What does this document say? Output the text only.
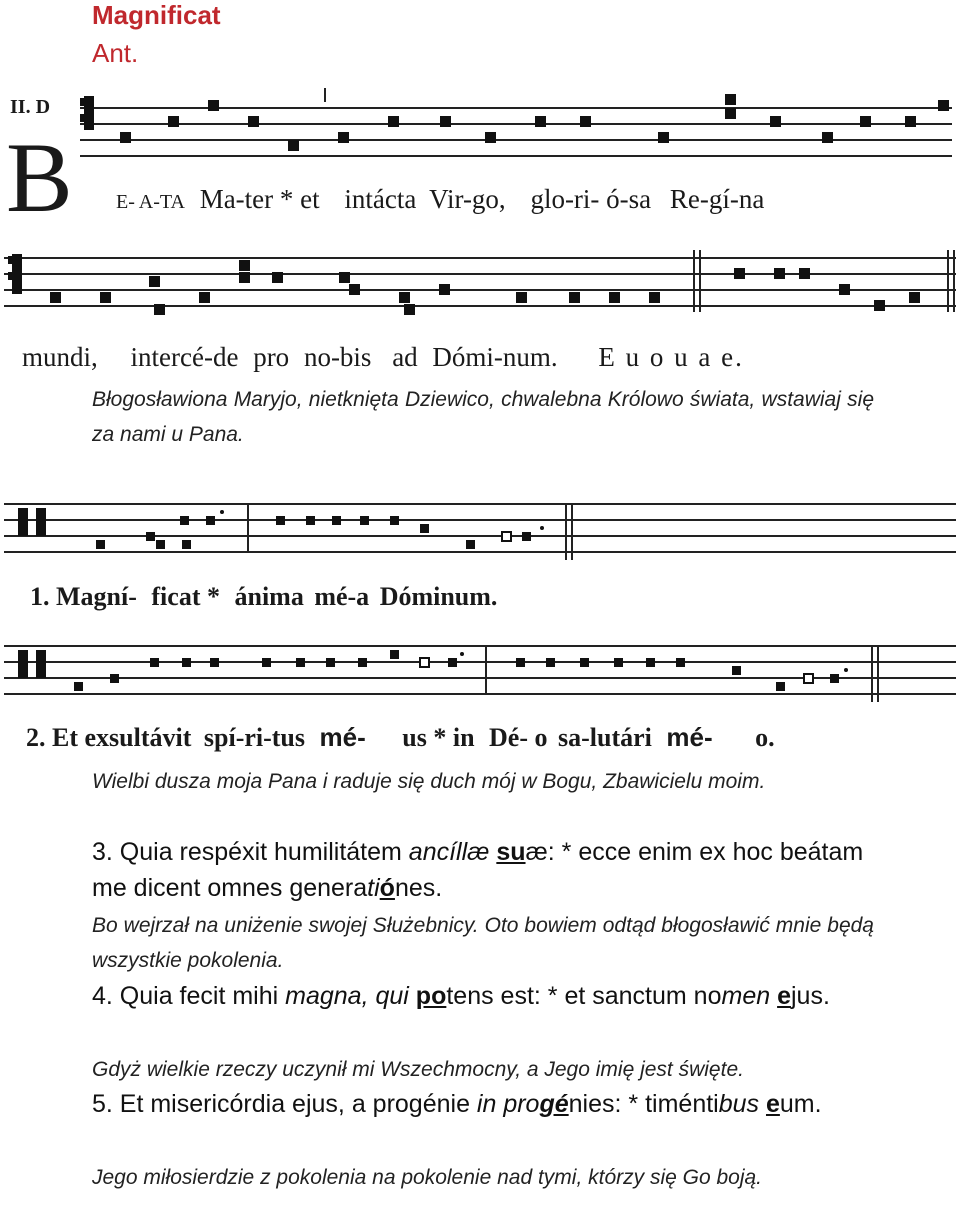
Magnificat
Ant.
II. D
B E- A-TA Ma-ter * et intácta Vir-go, glo-ri- ó-sa Re-gí-na
mundi, intercé-de pro no-bis ad Dómi-num. E u o u a e.
Błogosławiona Maryjo, nietknięta Dziewico, chwalebna Królowo świata, wstawiaj się za nami u Pana.
1. Magní- ficat * ánima mé-a Dóminum.
2. Et exsultávit spí-ri-tus mé- us * in Dé- o sa-lutári mé- o.
Wielbi dusza moja Pana i raduje się duch mój w Bogu, Zbawicielu moim.
3. Quia respéxit humilitátem ancíllæ suæ: * ecce enim ex hoc beátam me dicent omnes generatiónes.
Bo wejrzał na uniżenie swojej Służebnicy. Oto bowiem odtąd błogosławić mnie będą wszystkie pokolenia.
4. Quia fecit mihi magna, qui potens est: * et sanctum nomen ejus.
Gdyż wielkie rzeczy uczynił mi Wszechmocny, a Jego imię jest święte.
5. Et misericórdia ejus, a progénie in progénies: * timéntibus eum.
Jego miłosierdzie z pokolenia na pokolenie nad tymi, którzy się Go boją.
